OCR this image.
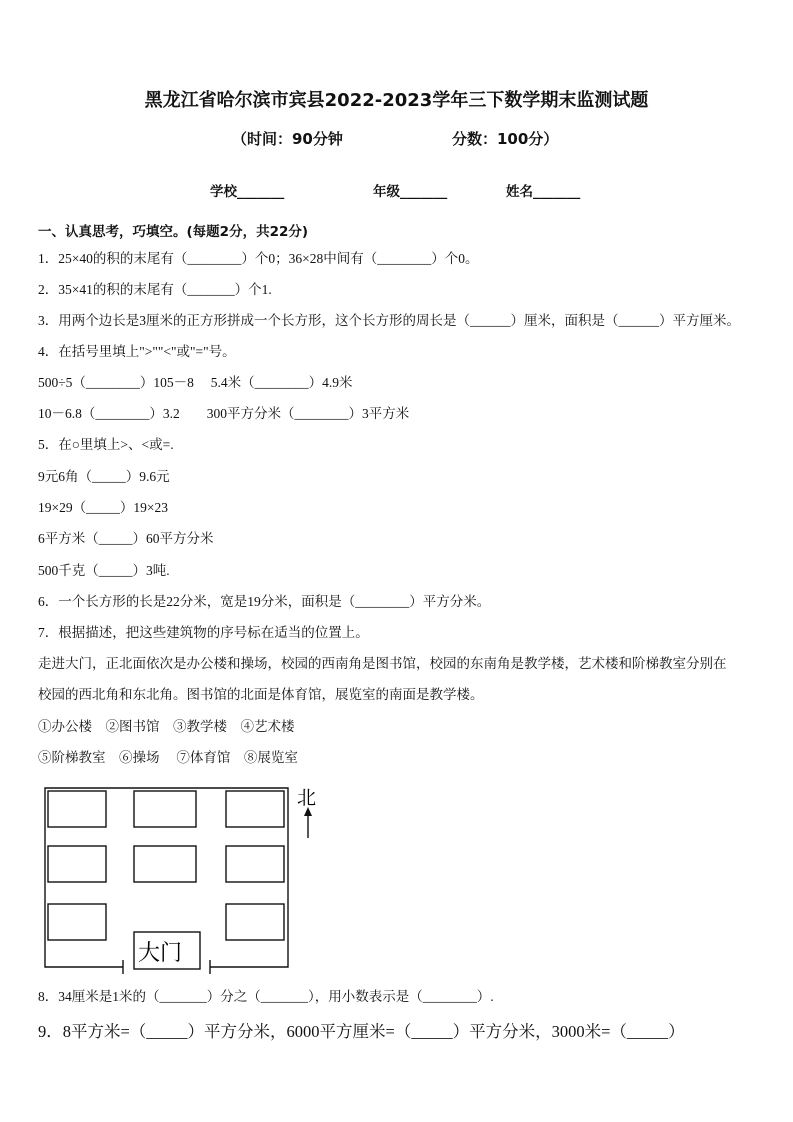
黑龙江省哈尔滨市宾县2022-2023学年三下数学期末监测试题
（时间：90分钟	分数：100分）
学校_______	年级_______	姓名_______
一、认真思考，巧填空。(每题2分，共22分)
1．25×40的积的末尾有（________）个0；36×28中间有（________）个0。
2．35×41的积的末尾有（_______）个1.
3．用两个边长是3厘米的正方形拼成一个长方形，这个长方形的周长是（______）厘米，面积是（______）平方厘米。
4．在括号里填上">""<"或"="号。
500÷5（________）105－8　 5.4米（________）4.9米
10－6.8（________）3.2　　300平方分米（________）3平方米
5．在○里填上>、<或=.
9元6角（_____）9.6元
19×29（_____）19×23
6平方米（_____）60平方分米
500千克（_____）3吨.
6．一个长方形的长是22分米，宽是19分米，面积是（________）平方分米。
7．根据描述，把这些建筑物的序号标在适当的位置上。
走进大门，正北面依次是办公楼和操场，校园的西南角是图书馆，校园的东南角是教学楼，艺术楼和阶梯教室分别在
校园的西北角和东北角。图书馆的北面是体育馆，展览室的南面是教学楼。
①办公楼　②图书馆　③教学楼　④艺术楼
⑤阶梯教室　⑥操场　 ⑦体育馆　⑧展览室
北
大门
8．34厘米是1米的（_______）分之（_______），用小数表示是（________）.
9．8平方米=（_____）平方分米，6000平方厘米=（_____）平方分米，3000米=（_____）
